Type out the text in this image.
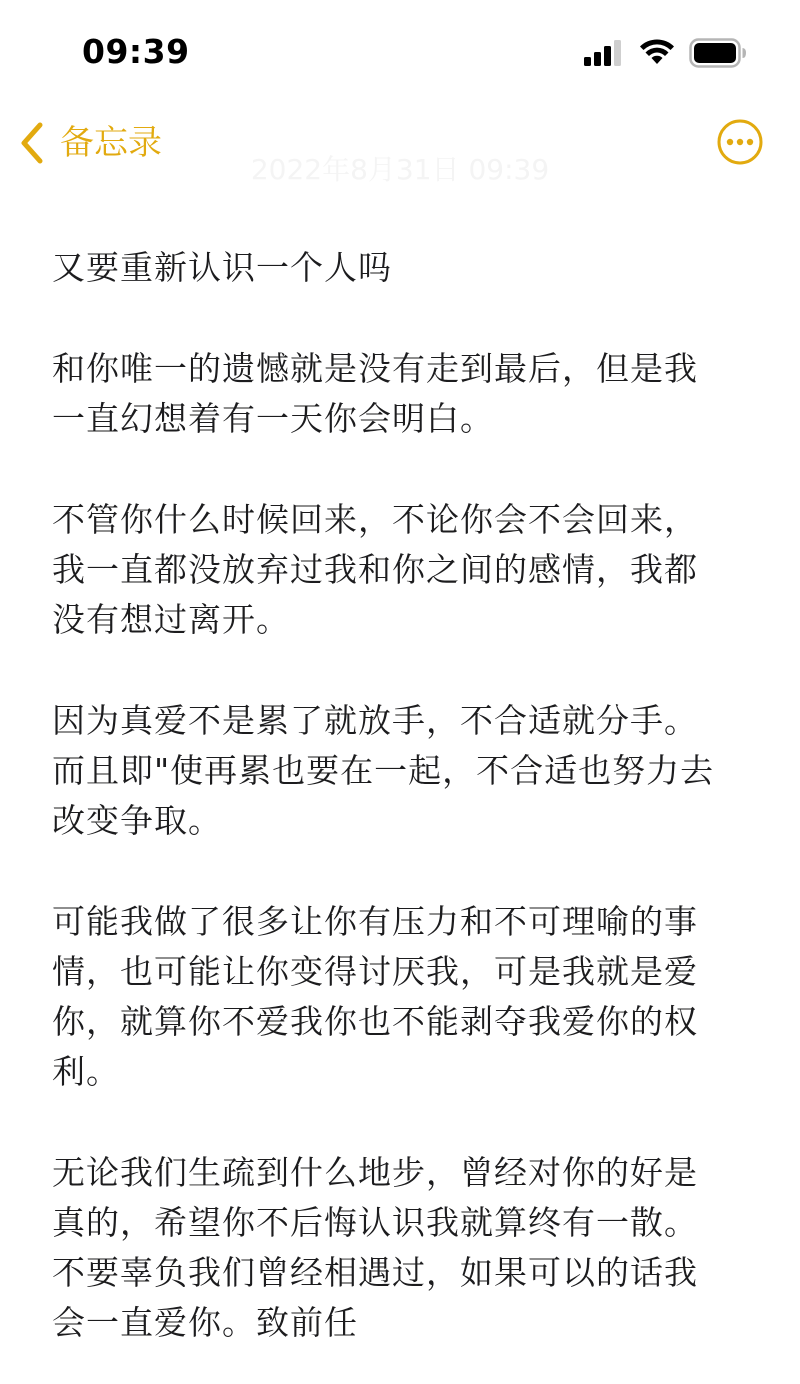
09:39
备忘录
2022年8月31日 09:39

又要重新认识一个人吗

和你唯一的遗憾就是没有走到最后，但是我

一直幻想着有一天你会明白。

不管你什么时候回来，不论你会不会回来，

我一直都没放弃过我和你之间的感情，我都

没有想过离开。

因为真爱不是累了就放手，不合适就分手。

而且即"使再累也要在一起，不合适也努力去

改变争取。

可能我做了很多让你有压力和不可理喻的事

情，也可能让你变得讨厌我，可是我就是爱

你，就算你不爱我你也不能剥夺我爱你的权

利。

无论我们生疏到什么地步，曾经对你的好是

真的，希望你不后悔认识我就算终有一散。

不要辜负我们曾经相遇过，如果可以的话我

会一直爱你。致前任
